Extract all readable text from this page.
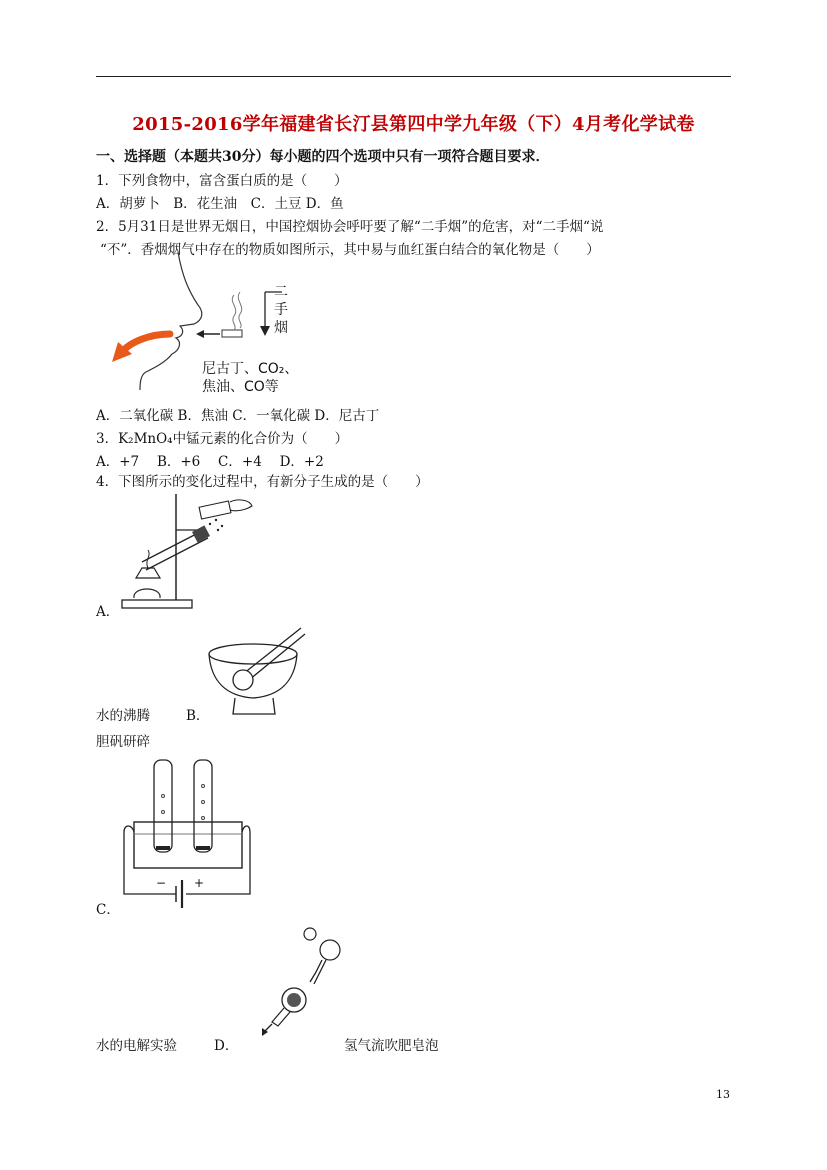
2015-2016学年福建省长汀县第四中学九年级（下）4月考化学试卷
一、选择题（本题共30分）每小题的四个选项中只有一项符合题目要求．
1．下列食物中，富含蛋白质的是（　　）
A．胡萝卜　B．花生油　C．土豆 D．鱼
2．5月31日是世界无烟日，中国控烟协会呼吁要了解“二手烟”的危害，对“二手烟“说
“不”．香烟烟气中存在的物质如图所示，其中易与血红蛋白结合的氧化物是（　　）
二
手
烟
尼古丁、CO₂、
焦油、CO等
A．二氧化碳 B．焦油 C．一氧化碳 D．尼古丁
3．K₂MnO₄中锰元素的化合价为（　　）
A．+7　 B．+6　 C．+4　 D．+2
4．下图所示的变化过程中，有新分子生成的是（　　）
A．
水的沸腾	B．
胆矾研碎
− +
C．
水的电解实验	D．	氢气流吹肥皂泡
13
